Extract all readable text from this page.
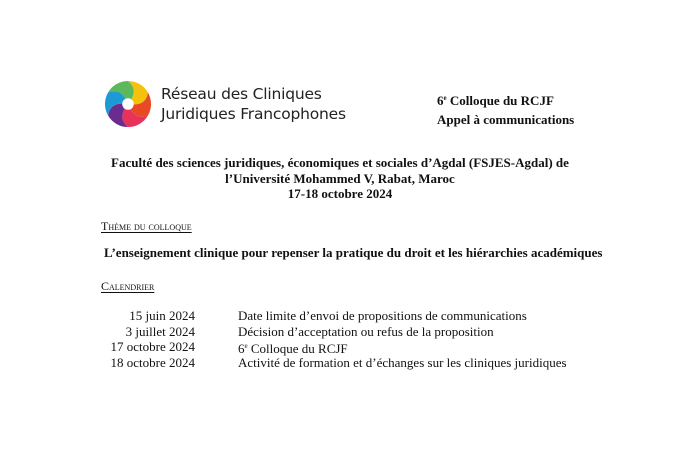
Réseau des Cliniques
Juridiques Francophones
6e Colloque du RCJF
Appel à communications
Faculté des sciences juridiques, économiques et sociales d’Agdal (FSJES-Agdal) de
l’Université Mohammed V, Rabat, Maroc
17-18 octobre 2024
Thème du colloque
L’enseignement clinique pour repenser la pratique du droit et les hiérarchies académiques
Calendrier
15 juin 2024	Date limite d’envoi de propositions de communications
3 juillet 2024	Décision d’acceptation ou refus de la proposition
17 octobre 2024	6e Colloque du RCJF
18 octobre 2024	Activité de formation et d’échanges sur les cliniques juridiques
